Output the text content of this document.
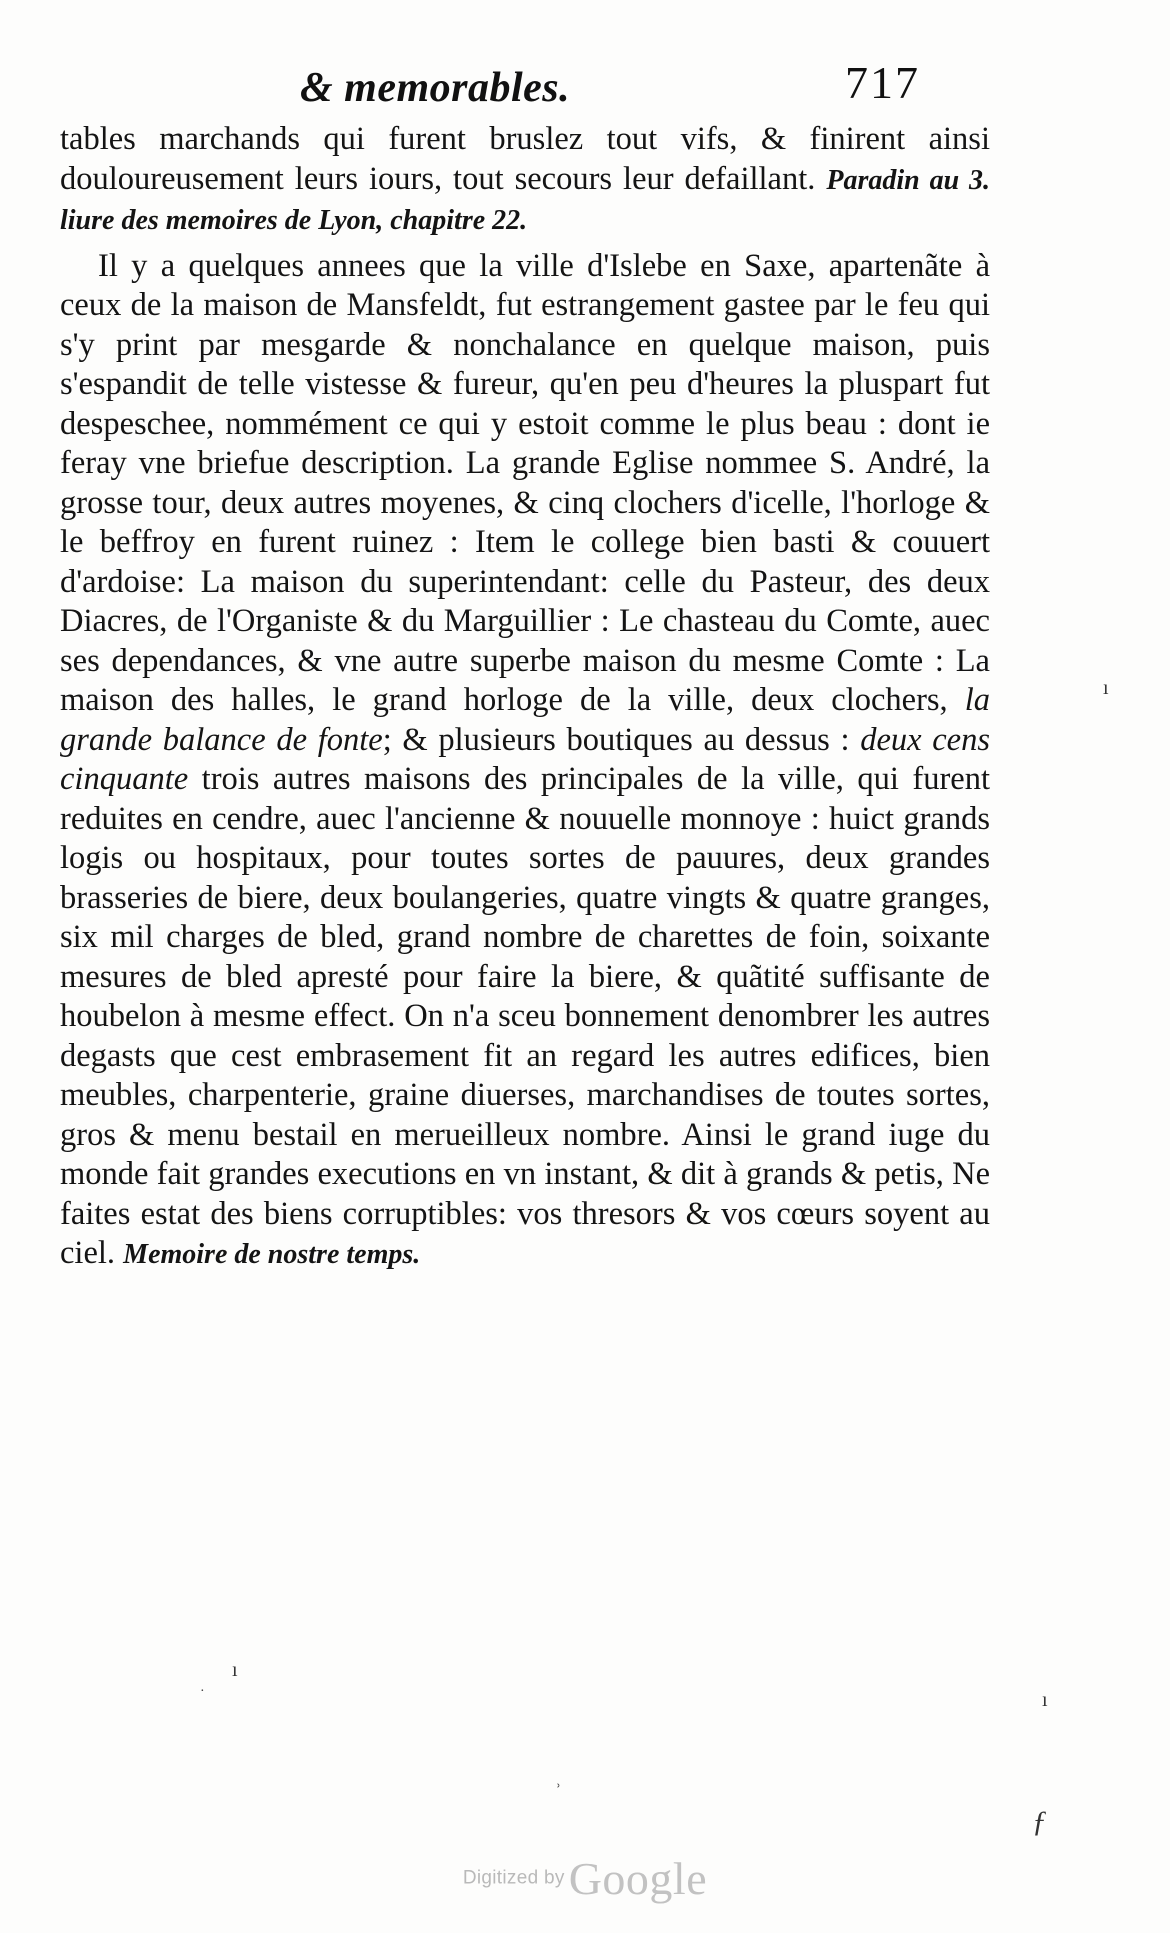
& memorables.	717

tables marchands qui furent bruslez tout vifs, & finirent ainsi douloureusement leurs iours, tout secours leur defaillant. Paradin au 3. liure des memoires de Lyon, chapitre 22.

Il y a quelques annees que la ville d'Islebe en Saxe, apartenãte à ceux de la maison de Mansfeldt, fut estrangement gastee par le feu qui s'y print par mesgarde & nonchalance en quelque maison, puis s'espandit de telle vistesse & fureur, qu'en peu d'heures la pluspart fut despeschee, nommément ce qui y estoit comme le plus beau : dont ie feray vne briefue description. La grande Eglise nommee S. André, la grosse tour, deux autres moyenes, & cinq clochers d'icelle, l'horloge & le beffroy en furent ruinez : Item le college bien basti & couuert d'ardoise: La maison du superintendant: celle du Pasteur, des deux Diacres, de l'Organiste & du Marguillier : Le chasteau du Comte, auec ses dependances, & vne autre superbe maison du mesme Comte : La maison des halles, le grand horloge de la ville, deux clochers, la grande balance de fonte; & plusieurs boutiques au dessus : deux cens cinquante trois autres maisons des principales de la ville, qui furent reduites en cendre, auec l'ancienne & nouuelle monnoye : huict grands logis ou hospitaux, pour toutes sortes de pauures, deux grandes brasseries de biere, deux boulangeries, quatre vingts & quatre granges, six mil charges de bled, grand nombre de charettes de foin, soixante mesures de bled apresté pour faire la biere, & quãtité suffisante de houbelon à mesme effect. On n'a sceu bonnement denombrer les autres degasts que cest embrasement fit an regard les autres edifices, bien meubles, charpenterie, graine diuerses, marchandises de toutes sortes, gros & menu bestail en merueilleux nombre. Ainsi le grand iuge du monde fait grandes executions en vn instant, & dit à grands & petis, Ne faites estat des biens corruptibles: vos thresors & vos cœurs soyent au ciel. Memoire de nostre temps.

ı
ı
·	ı
ʾ
ƒ
Digitized by Google
